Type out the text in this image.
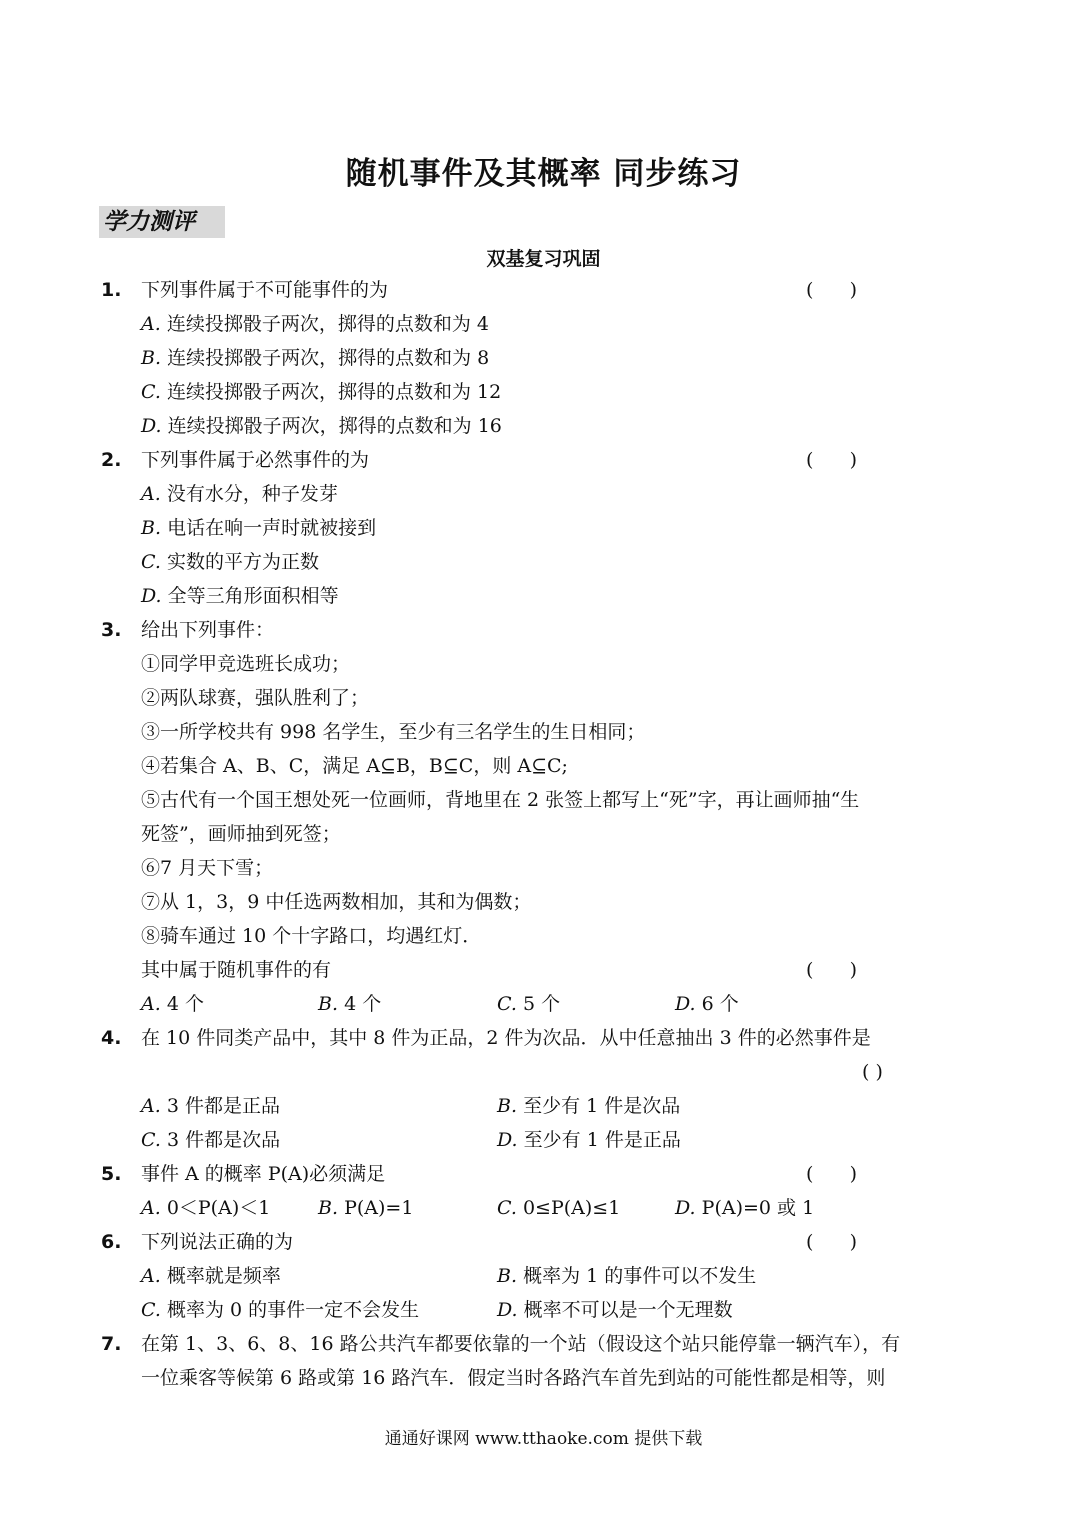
随机事件及其概率 同步练习
学力测评
双基复习巩固
1. 下列事件属于不可能事件的为	(      )
A. 连续投掷骰子两次，掷得的点数和为 4
B. 连续投掷骰子两次，掷得的点数和为 8
C. 连续投掷骰子两次，掷得的点数和为 12
D. 连续投掷骰子两次，掷得的点数和为 16
2. 下列事件属于必然事件的为	(      )
A. 没有水分，种子发芽
B. 电话在响一声时就被接到
C. 实数的平方为正数
D. 全等三角形面积相等
3. 给出下列事件：
①同学甲竞选班长成功；
②两队球赛，强队胜利了；
③一所学校共有 998 名学生，至少有三名学生的生日相同；
④若集合 A、B、C，满足 A⊆B，B⊆C，则 A⊆C;
⑤古代有一个国王想处死一位画师，背地里在 2 张签上都写上“死”字，再让画师抽“生
死签”，画师抽到死签；
⑥7 月天下雪；
⑦从 1，3，9 中任选两数相加，其和为偶数；
⑧骑车通过 10 个十字路口，均遇红灯．
其中属于随机事件的有	(      )
A. 4 个	B. 4 个	C. 5 个	D. 6 个
4. 在 10 件同类产品中，其中 8 件为正品，2 件为次品．从中任意抽出 3 件的必然事件是
( )
A. 3 件都是正品	B. 至少有 1 件是次品
C. 3 件都是次品	D. 至少有 1 件是正品
5. 事件 A 的概率 P(A)必须满足	(      )
A. 0＜P(A)＜1	B. P(A)=1	C. 0≤P(A)≤1	D. P(A)=0 或 1
6. 下列说法正确的为	(      )
A. 概率就是频率	B. 概率为 1 的事件可以不发生
C. 概率为 0 的事件一定不会发生	D. 概率不可以是一个无理数
7. 在第 1、3、6、8、16 路公共汽车都要依靠的一个站（假设这个站只能停靠一辆汽车），有
一位乘客等候第 6 路或第 16 路汽车．假定当时各路汽车首先到站的可能性都是相等，则
通通好课网 www.tthaoke.com 提供下载
